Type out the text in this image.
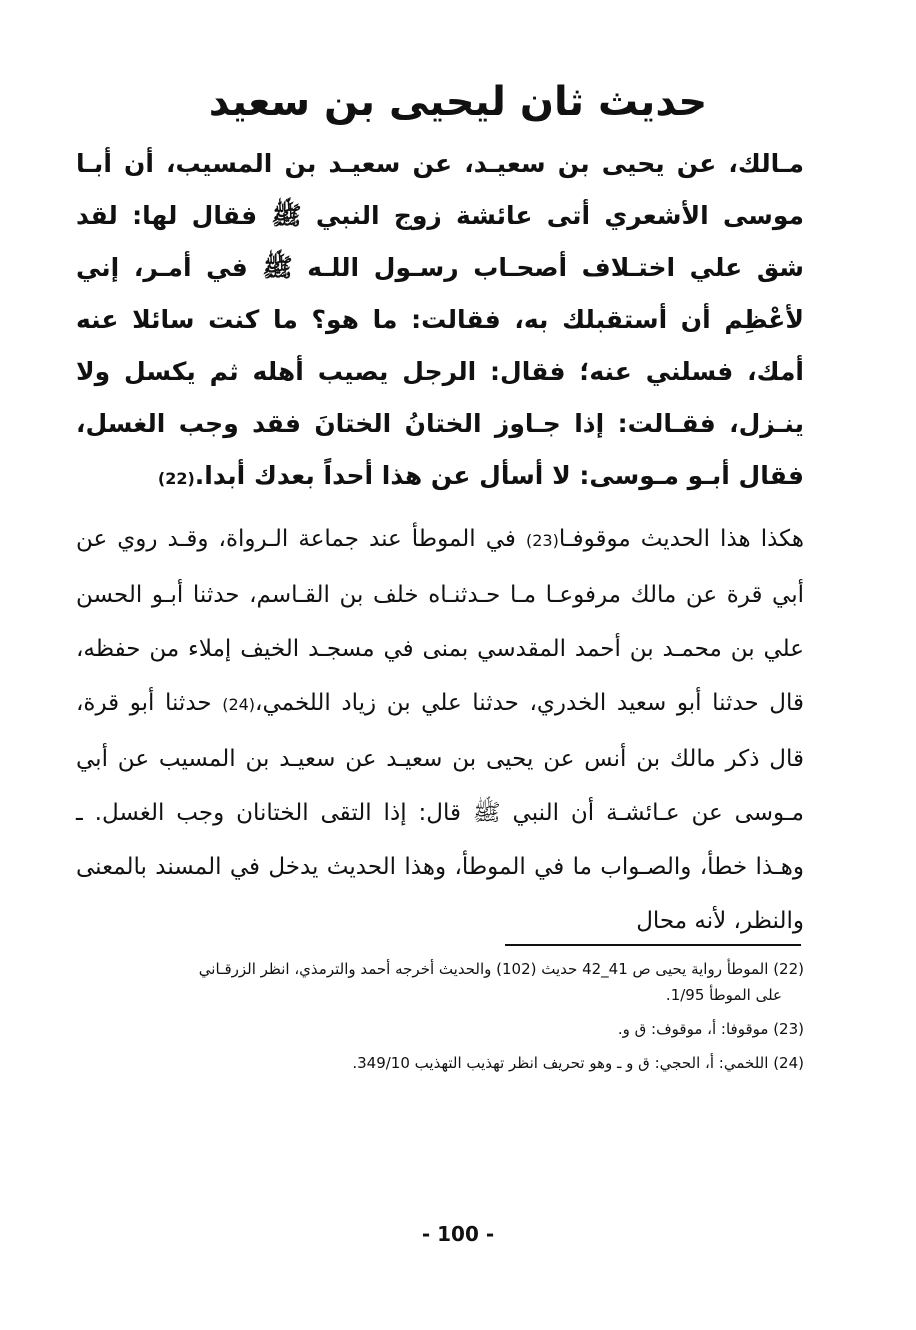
حديث ثان ليحيى بن سعيد

مـالك، عن يحيى بن سعيـد، عن سعيـد بن المسيب، أن أبـا موسى الأشعري أتى عائشة زوج النبي ﷺ فقال لها: لقد شق علي اختـلاف أصحـاب رسـول اللـه ﷺ في أمـر، إني لأعْظِم أن أستقبلك به، فقالت: ما هو؟ ما كنت سائلا عنه أمك، فسلني عنه؛ فقال: الرجل يصيب أهله ثم يكسل ولا ينـزل، فقـالت: إذا جـاوز الختانُ الختانَ فقد وجب الغسل، فقال أبـو مـوسى: لا أسأل عن هذا أحداً بعدك أبدا.(22)

هكذا هذا الحديث موقوفـا(23) في الموطأ عند جماعة الـرواة، وقـد روي عن أبي قرة عن مالك مرفوعـا مـا حـدثنـاه خلف بن القـاسم، حدثنا أبـو الحسن علي بن محمـد بن أحمد المقدسي بمنى في مسجـد الخيف إملاء من حفظه، قال حدثنا أبو سعيد الخدري، حدثنا علي بن زياد اللخمي،(24) حدثنا أبو قرة، قال ذكر مالك بن أنس عن يحيى بن سعيـد عن سعيـد بن المسيب عن أبي مـوسى عن عـائشـة أن النبي ﷺ قال: إذا التقى الختانان وجب الغسل. ـ وهـذا خطأ، والصـواب ما في الموطأ، وهذا الحديث يدخل في المسند بالمعنى والنظر، لأنه محال

(22) الموطأ رواية يحيى ص 41_42 حديث (102) والحديث أخرجه أحمد والترمذي، انظر الزرقـاني
على الموطأ 1/95.

(23) موقوفا: أ، موقوف: ق و.

(24) اللخمي: أ، الحجي: ق و ـ وهو تحريف انظر تهذيب التهذيب 349/10.

- 100 -
